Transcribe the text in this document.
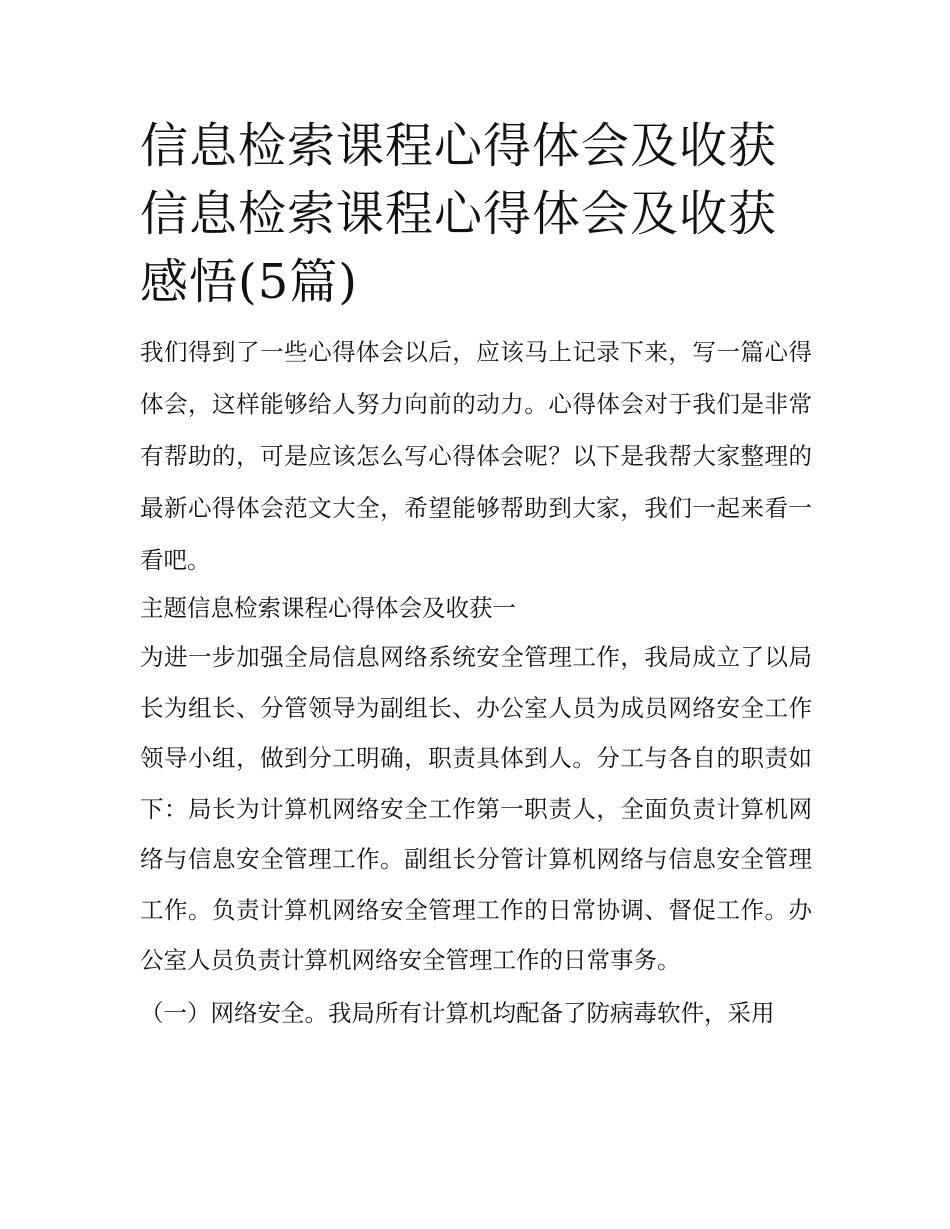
信息检索课程心得体会及收获
信息检索课程心得体会及收获
感悟(5篇)

我们得到了一些心得体会以后，应该马上记录下来，写一篇心得体会，这样能够给人努力向前的动力。心得体会对于我们是非常有帮助的，可是应该怎么写心得体会呢？以下是我帮大家整理的最新心得体会范文大全，希望能够帮助到大家，我们一起来看一看吧。

主题信息检索课程心得体会及收获一

为进一步加强全局信息网络系统安全管理工作，我局成立了以局长为组长、分管领导为副组长、办公室人员为成员网络安全工作领导小组，做到分工明确，职责具体到人。分工与各自的职责如下：局长为计算机网络安全工作第一职责人，全面负责计算机网络与信息安全管理工作。副组长分管计算机网络与信息安全管理工作。负责计算机网络安全管理工作的日常协调、督促工作。办公室人员负责计算机网络安全管理工作的日常事务。

（一）网络安全。我局所有计算机均配备了防病毒软件，采用
